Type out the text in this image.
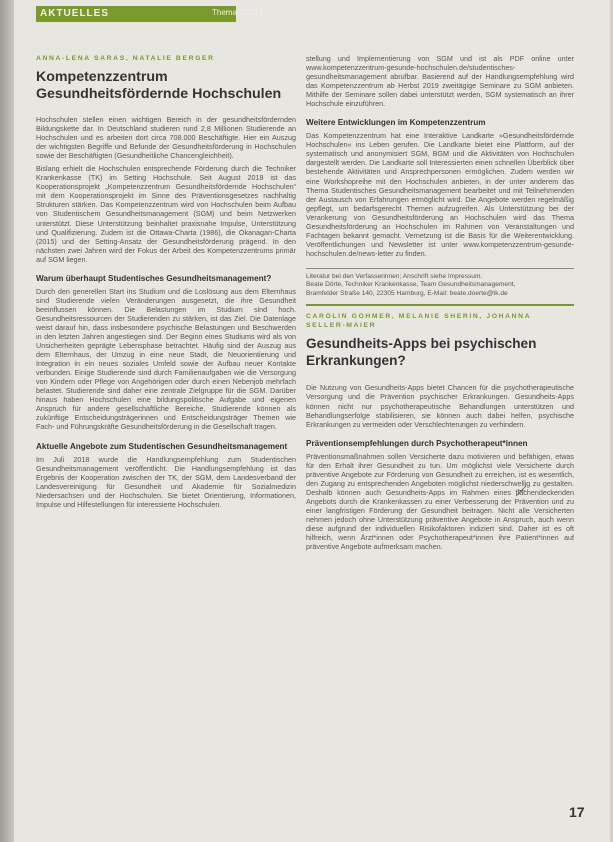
AKTUELLES	Thema 2/2019
ANNA-LENA SARAS, NATALIE BERGER
Kompetenzzentrum Gesundheitsfördernde Hochschulen

Hochschulen stellen einen wichtigen Bereich in der gesundheitsfördernden Bildungskette dar. In Deutschland studieren rund 2,8 Millionen Studierende an Hochschulen und es arbeiten dort circa 708.000 Beschäftigte. Hier ein Auszug der wichtigsten Begriffe und Befunde der Gesundheitsförderung in Hochschulen sowie der Beschäftigten (Gesundheitliche Chancengleichheit).

Bislang erhielt die Hochschulen entsprechende Förderung durch die Techniker Krankenkasse (TK) im Setting Hochschule. Seit August 2018 ist das Kooperationsprojekt „Kompetenzzentrum Gesundheitsfördernde Hochschulen“ mit dem Kooperationsprojekt im Sinne des Präventionsgesetzes nachhaltig Strukturen stärken. Das Kompetenzzentrum wird von Hochschulen beim Aufbau von Studentischem Gesundheitsmanagement (SGM) und beim Netzwerken unterstützt. Diese Unterstützung beinhaltet praxisnahe Impulse, Unterstützung und Qualifizierung. Zudem ist die Ottawa-Charta (1986), die Okanagan-Charta (2015) und der Setting-Ansatz der Gesundheitsförderung prägend. In den nächsten zwei Jahren wird der Fokus der Arbeit des Kompetenzzentrums primär auf SGM liegen.

Warum überhaupt Studentisches Gesundheitsmanagement?

Durch den generellen Start ins Studium und die Loslösung aus dem Elternhaus sind Studierende vielen Veränderungen ausgesetzt, die ihre Gesundheit beeinflussen können. Die Belastungen im Studium sind hoch. Gesundheitsressourcen der Studierenden zu stärken, ist das Ziel. Die Datenlage weist darauf hin, dass insbesondere psychische Belastungen und Beschwerden in den letzten Jahren angestiegen sind. Der Beginn eines Studiums wird als von Unsicherheiten geprägte Lebensphase betrachtet. Häufig sind der Auszug aus dem Elternhaus, der Umzug in eine neue Stadt, die Neuorientierung und Integration in ein neues soziales Umfeld sowie der Aufbau neuer Kontakte verbunden. Einige Studierende sind durch Familienaufgaben wie die Versorgung von Kindern oder Pflege von Angehörigen oder durch einen Nebenjob mehrfach belastet. Studierende sind daher eine zentrale Zielgruppe für die SGM. Darüber hinaus haben Hochschulen eine bildungspolitische Aufgabe und eigenen Anspruch für andere gesellschaftliche Bereiche. Studierende können als zukünftige Entscheidungsträgerinnen und Entscheidungsträger Themen wie Fach- und Führungskräfte Gesundheitsförderung in die Gesellschaft tragen.

Aktuelle Angebote zum Studentischen Gesundheitsmanagement

Im Juli 2018 wurde die Handlungsempfehlung zum Studentischen Gesundheitsmanagement veröffentlicht. Die Handlungsempfehlung ist das Ergebnis der Kooperation zwischen der TK, der SGM, dem Landesverband der Landesvereinigung für Gesundheit und Akademie für Sozialmedizin Niedersachsen und der Hochschulen. Sie bietet Orientierung, Informationen, Impulse und Hilfestellungen für interessierte Hochschulen.

stellung und Implementierung von SGM und ist als PDF online unter www.kompetenzzentrum-gesunde-hochschulen.de/studentisches-gesundheitsmanagement abrufbar. Basierend auf der Handlungsempfehlung wird das Kompetenzzentrum ab Herbst 2019 zweitägige Seminare zu SGM anbieten. Mithilfe der Seminare sollen dabei unterstützt werden, SGM systematisch an ihrer Hochschule einzuführen.

Weitere Entwicklungen im Kompetenzzentrum

Das Kompetenzzentrum hat eine Interaktive Landkarte »Gesundheitsfördernde Hochschulen« ins Leben gerufen. Die Landkarte bietet eine Plattform, auf der systematisch und anonymisiert SGM, BGM und die Aktivitäten von Hochschulen dargestellt werden. Die Landkarte soll Interessierten einen schnellen Überblick über bestehende Aktivitäten und Ansprechpersonen ermöglichen. Zudem werden wir eine Workshopreihe mit den Hochschulen anbieten, in der unter anderem das Thema Studentisches Gesundheitsmanagement bearbeitet und mit Teilnehmenden der Austausch von Erfahrungen ermöglicht wird. Die Angebote werden regelmäßig gepflegt, um bedarfsgerecht Themen aufzugreifen. Als Unterstützung bei der Verankerung von Gesundheitsförderung an Hochschulen wird das Thema Gesundheitsförderung an Hochschulen im Rahmen von Veranstaltungen und Fachtagen bekannt gemacht. Vernetzung ist die Basis für die Weiterentwicklung. Veröffentlichungen und Newsletter ist unter www.kompetenzzentrum-gesunde-hochschulen.de/news-letter zu finden.

Literatur bei den Verfasserinnen; Anschrift siehe Impressum.
Beate Dörte, Techniker Krankenkasse, Team Gesundheitsmanagement,
Bramfelder Straße 140, 22305 Hamburg, E-Mail: beate.doerte@tk.de
CAROLIN GOHMER, MELANIE SHERIN, JOHANNA SELLER-MAIER
Gesundheits-Apps bei psychischen Erkrankungen?

Die Nutzung von Gesundheits-Apps bietet Chancen für die psychotherapeutische Versorgung und die Prävention psychischer Erkrankungen. Gesundheits-Apps können nicht nur psychotherapeutische Behandlungen unterstützen und Behandlungserfolge stabilisieren, sie können auch dabei helfen, psychische Erkrankungen zu vermeiden oder Verschlechterungen zu verhindern.

Präventionsempfehlungen durch Psychotherapeut*innen

Präventionsmaßnahmen sollen Versicherte dazu motivieren und befähigen, etwas für den Erhalt ihrer Gesundheit zu tun. Um möglichst viele Versicherte durch präventive Angebote zur Förderung von Gesundheit zu erreichen, ist es wesentlich, den Zugang zu entsprechenden Angeboten möglichst niederschwellig zu gestalten. Deshalb können auch Gesundheits-Apps im Rahmen eines flächendeckenden Angebots durch die Krankenkassen zu einer Verbesserung der Prävention und zu einer langfristigen Förderung der Gesundheit beitragen. Nicht alle Versicherten nehmen jedoch ohne Unterstützung präventive Angebote in Anspruch, auch wenn diese aufgrund der individuellen Risikofaktoren indiziert sind. Daher ist es oft hilfreich, wenn Ärzt*innen oder Psychotherapeut*innen ihre Patient*innen auf präventive Angebote aufmerksam machen.

17
